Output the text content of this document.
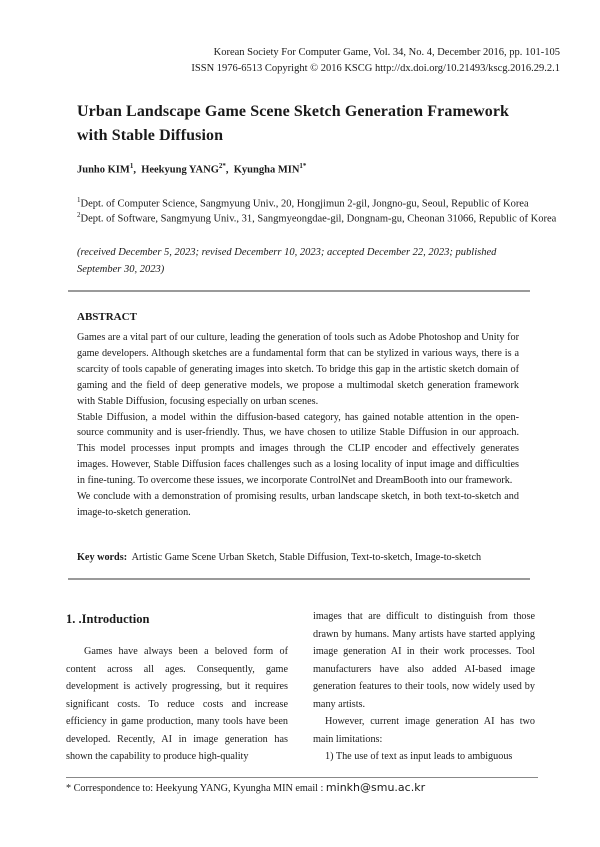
Korean Society For Computer Game, Vol. 34, No. 4, December 2016, pp. 101-105
ISSN 1976-6513 Copyright © 2016 KSCG http://dx.doi.org/10.21493/kscg.2016.29.2.1
Urban Landscape Game Scene Sketch Generation Framework with Stable Diffusion
Junho KIM$^1$,  Heekyung $YANG^{2*}$,  Kyungha $MIN^{1*}$
$^1$Dept. of Computer Science, Sangmyung Univ., 20, Hongjimun 2-gil, Jongno-gu, Seoul, Republic of Korea
$^2$Dept. of Software, Sangmyung Univ., 31, Sangmyeongdae-gil, Dongnam-gu, Cheonan 31066, Republic of Korea
(received December 5, 2023; revised Decemberr 10, 2023; accepted December 22, 2023; published September 30, 2023)
ABSTRACT

Games are a vital part of our culture, leading the generation of tools such as Adobe Photoshop and Unity for game developers. Although sketches are a fundamental form that can be stylized in various ways, there is a scarcity of tools capable of generating images into sketch. To bridge this gap in the artistic sketch domain of gaming and the field of deep generative models, we propose a multimodal sketch generation framework with Stable Diffusion, focusing especially on urban scenes.

Stable Diffusion, a model within the diffusion-based category, has gained notable attention in the open-source community and is user-friendly. Thus, we have chosen to utilize Stable Diffusion in our approach. This model processes input prompts and images through the CLIP encoder and effectively generates images. However, Stable Diffusion faces challenges such as a losing locality of input image and difficulties in fine-tuning. To overcome these issues, we incorporate ControlNet and DreamBooth into our framework.

We conclude with a demonstration of promising results, urban landscape sketch, in both text-to-sketch and image-to-sketch generation.

Key words: Artistic Game Scene Urban Sketch, Stable Diffusion, Text-to-sketch, Image-to-sketch
1. .Introduction
Games have always been a beloved form of content across all ages. Consequently, game development is actively progressing, but it requires significant costs. To reduce costs and increase efficiency in game production, many tools have been developed. Recently, AI in image generation has shown the capability to produce high-quality

images that are difficult to distinguish from those drawn by humans. Many artists have started applying image generation AI in their work processes. Tool manufacturers have also added AI-based image generation features to their tools, now widely used by many artists.

However, current image generation AI has two main limitations:

1) The use of text as input leads to ambiguous

* Correspondence to: Heekyung YANG, Kyungha MIN email : minkh@smu.ac.kr
